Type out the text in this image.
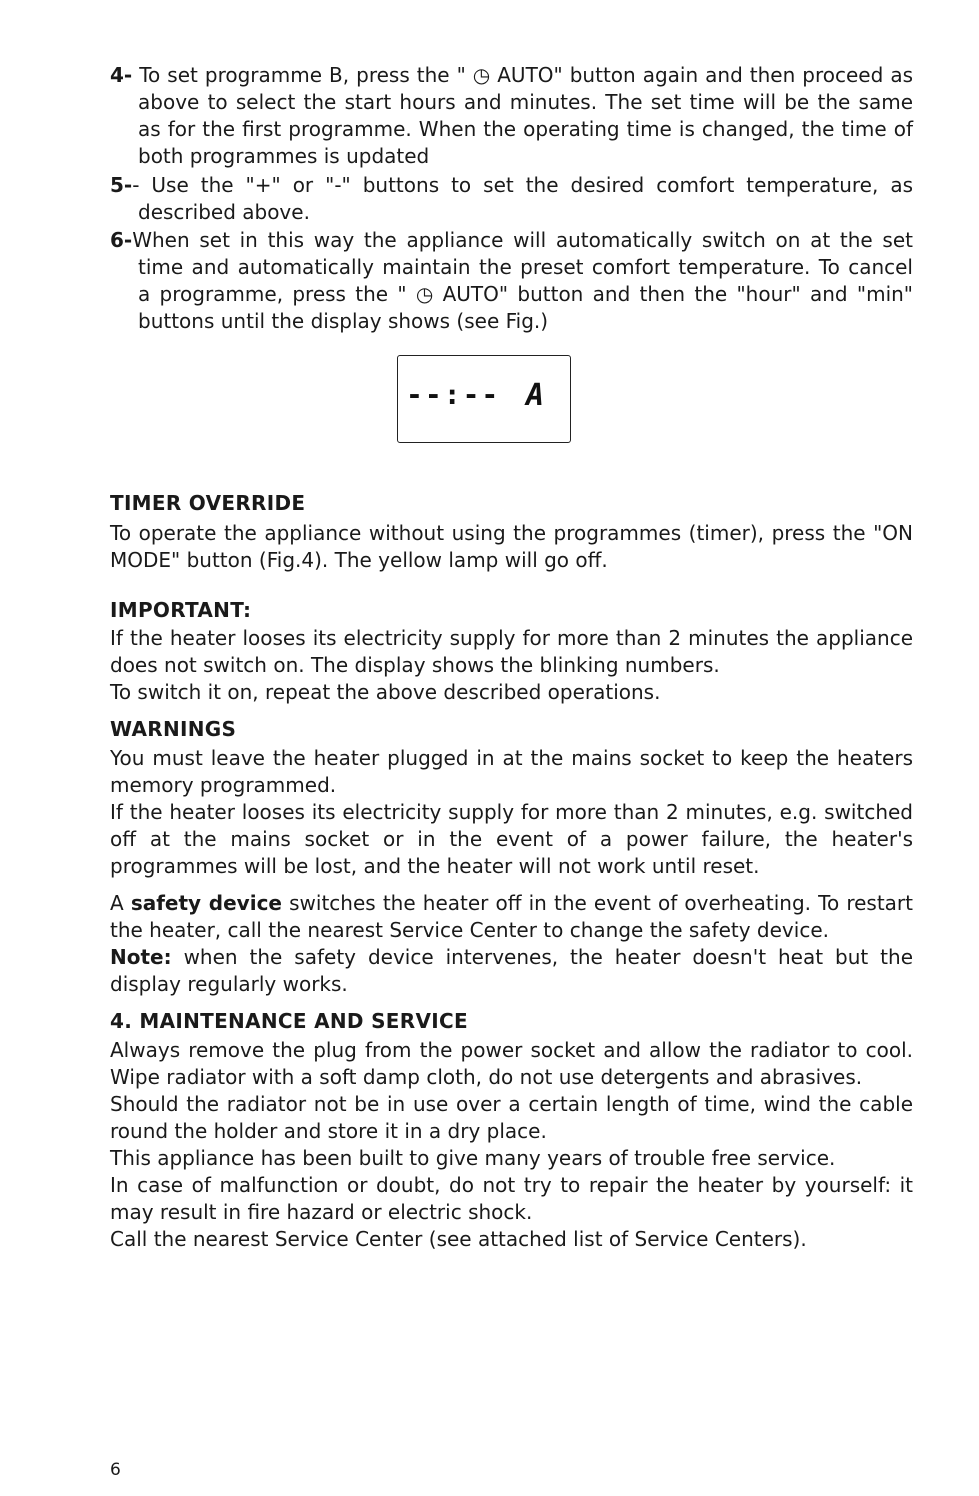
4- To set programme B, press the " ◷ AUTO" button again and then proceed as above to select the start hours and minutes. The set time will be the same as for the first programme. When the operating time is changed, the time of both programmes is updated
5-- Use the "+" or "-" buttons to set the desired comfort temperature, as described above.
6-When set in this way the appliance will automatically switch on at the set time and automatically maintain the preset comfort temperature. To cancel a programme, press the " ◷ AUTO" button and then the "hour" and "min" buttons until the display shows (see Fig.)
--:-- A
TIMER OVERRIDE

To operate the appliance without using the programmes (timer), press the "ON MODE" button (Fig.4). The yellow lamp will go off.

IMPORTANT:

If the heater looses its electricity supply for more than 2 minutes the appliance does not switch on. The display shows the blinking numbers.

To switch it on, repeat the above described operations.

WARNINGS

You must leave the heater plugged in at the mains socket to keep the heaters memory programmed.

If the heater looses its electricity supply for more than 2 minutes, e.g. switched off at the mains socket or in the event of a power failure, the heater's programmes will be lost, and the heater will not work until reset.

A safety device switches the heater off in the event of overheating. To restart the heater, call the nearest Service Center to change the safety device.

Note: when the safety device intervenes, the heater doesn't heat but the display regularly works.

4. MAINTENANCE AND SERVICE

Always remove the plug from the power socket and allow the radiator to cool. Wipe radiator with a soft damp cloth, do not use detergents and abrasives.

Should the radiator not be in use over a certain length of time, wind the cable round the holder and store it in a dry place.

This appliance has been built to give many years of trouble free service.

In case of malfunction or doubt, do not try to repair the heater by yourself: it may result in fire hazard or electric shock.

Call the nearest Service Center (see attached list of Service Centers).

6
